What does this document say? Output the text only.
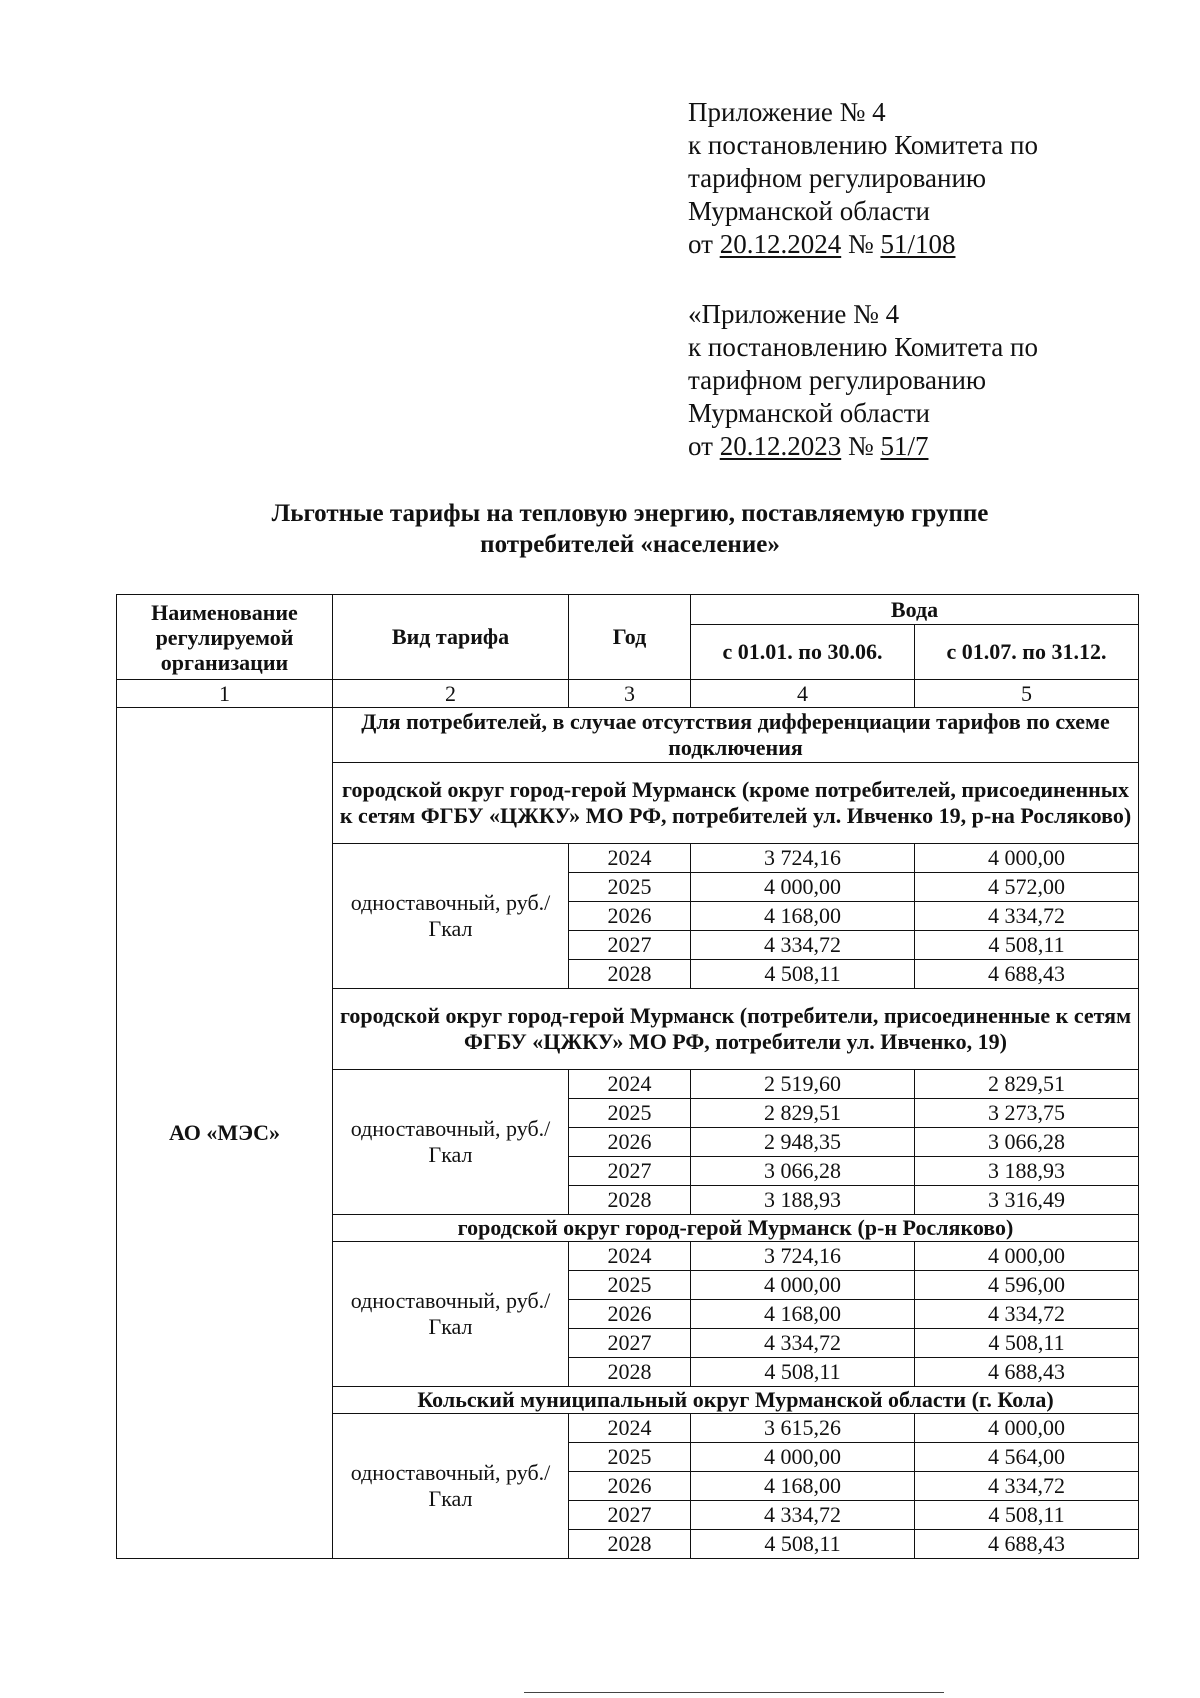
Приложение № 4
к постановлению Комитета по
тарифном регулированию
Мурманской области
от 20.12.2024 № 51/108
«Приложение № 4
к постановлению Комитета по
тарифном регулированию
Мурманской области
от 20.12.2023 № 51/7
Льготные тарифы на тепловую энергию, поставляемую группе
потребителей «население»
Наименование регулируемой организации	Вид тарифа	Год	Вода	
			с 01.01. по 30.06.	с 01.07. по 31.12.
1	2	3	4	5
АО «МЭС»	Для потребителей, в случае отсутствия дифференциации тарифов по схеме подключения			
	городской округ город-герой Мурманск (кроме потребителей, присоединенных к сетям ФГБУ «ЦЖКУ» МО РФ, потребителей ул. Ивченко 19, р-на Росляково)			
	одноставочный, руб./Гкал	2024	3 724,16	4 000,00
		2025	4 000,00	4 572,00
		2026	4 168,00	4 334,72
		2027	4 334,72	4 508,11
		2028	4 508,11	4 688,43
	городской округ город-герой Мурманск (потребители, присоединенные к сетям ФГБУ «ЦЖКУ» МО РФ, потребители ул. Ивченко, 19)			
	одноставочный, руб./Гкал	2024	2 519,60	2 829,51
		2025	2 829,51	3 273,75
		2026	2 948,35	3 066,28
		2027	3 066,28	3 188,93
		2028	3 188,93	3 316,49
	городской округ город-герой Мурманск (р-н Росляково)			
	одноставочный, руб./Гкал	2024	3 724,16	4 000,00
		2025	4 000,00	4 596,00
		2026	4 168,00	4 334,72
		2027	4 334,72	4 508,11
		2028	4 508,11	4 688,43
	Кольский муниципальный округ Мурманской области (г. Кола)			
	одноставочный, руб./Гкал	2024	3 615,26	4 000,00
		2025	4 000,00	4 564,00
		2026	4 168,00	4 334,72
		2027	4 334,72	4 508,11
		2028	4 508,11	4 688,43
